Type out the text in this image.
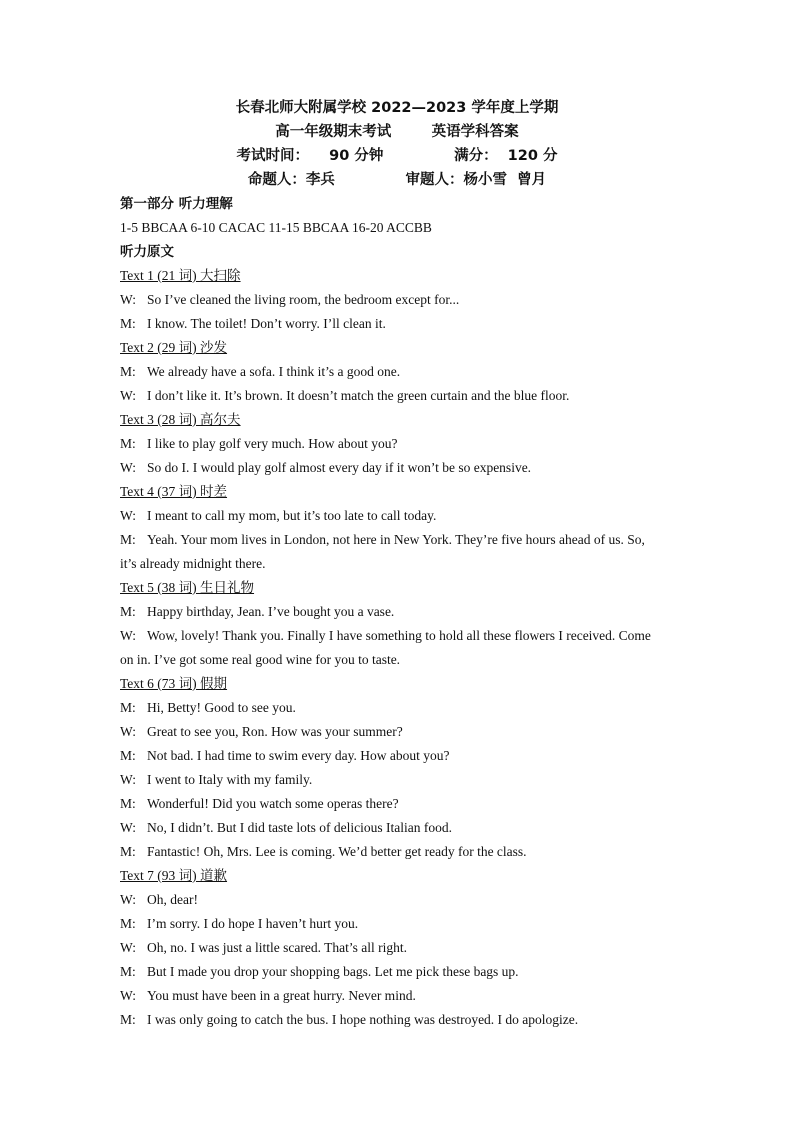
长春北师大附属学校 2022—2023 学年度上学期
高一年级期末考试        英语学科答案
考试时间：    90 分钟              满分：  120 分
命题人：李兵              审题人：杨小雪  曾月
第一部分 听力理解
1-5 BBCAA 6-10 CACAC 11-15 BBCAA 16-20 ACCBB
听力原文
Text 1 (21 词) 大扫除
W: So I’ve cleaned the living room, the bedroom except for...
M: I know. The toilet! Don’t worry. I’ll clean it.
Text 2 (29 词) 沙发
M: We already have a sofa. I think it’s a good one.
W: I don’t like it. It’s brown. It doesn’t match the green curtain and the blue floor.
Text 3 (28 词) 高尔夫
M: I like to play golf very much. How about you?
W: So do I. I would play golf almost every day if it won’t be so expensive.
Text 4 (37 词) 时差
W: I meant to call my mom, but it’s too late to call today.
M: Yeah. Your mom lives in London, not here in New York. They’re five hours ahead of us. So,
it’s already midnight there.
Text 5 (38 词) 生日礼物
M: Happy birthday, Jean. I’ve bought you a vase.
W: Wow, lovely! Thank you. Finally I have something to hold all these flowers I received. Come
on in. I’ve got some real good wine for you to taste.
Text 6 (73 词) 假期
M: Hi, Betty! Good to see you.
W: Great to see you, Ron. How was your summer?
M: Not bad. I had time to swim every day. How about you?
W: I went to Italy with my family.
M: Wonderful! Did you watch some operas there?
W: No, I didn’t. But I did taste lots of delicious Italian food.
M: Fantastic! Oh, Mrs. Lee is coming. We’d better get ready for the class.
Text 7 (93 词) 道歉
W: Oh, dear!
M: I’m sorry. I do hope I haven’t hurt you.
W: Oh, no. I was just a little scared. That’s all right.
M: But I made you drop your shopping bags. Let me pick these bags up.
W: You must have been in a great hurry. Never mind.
M: I was only going to catch the bus. I hope nothing was destroyed. I do apologize.
